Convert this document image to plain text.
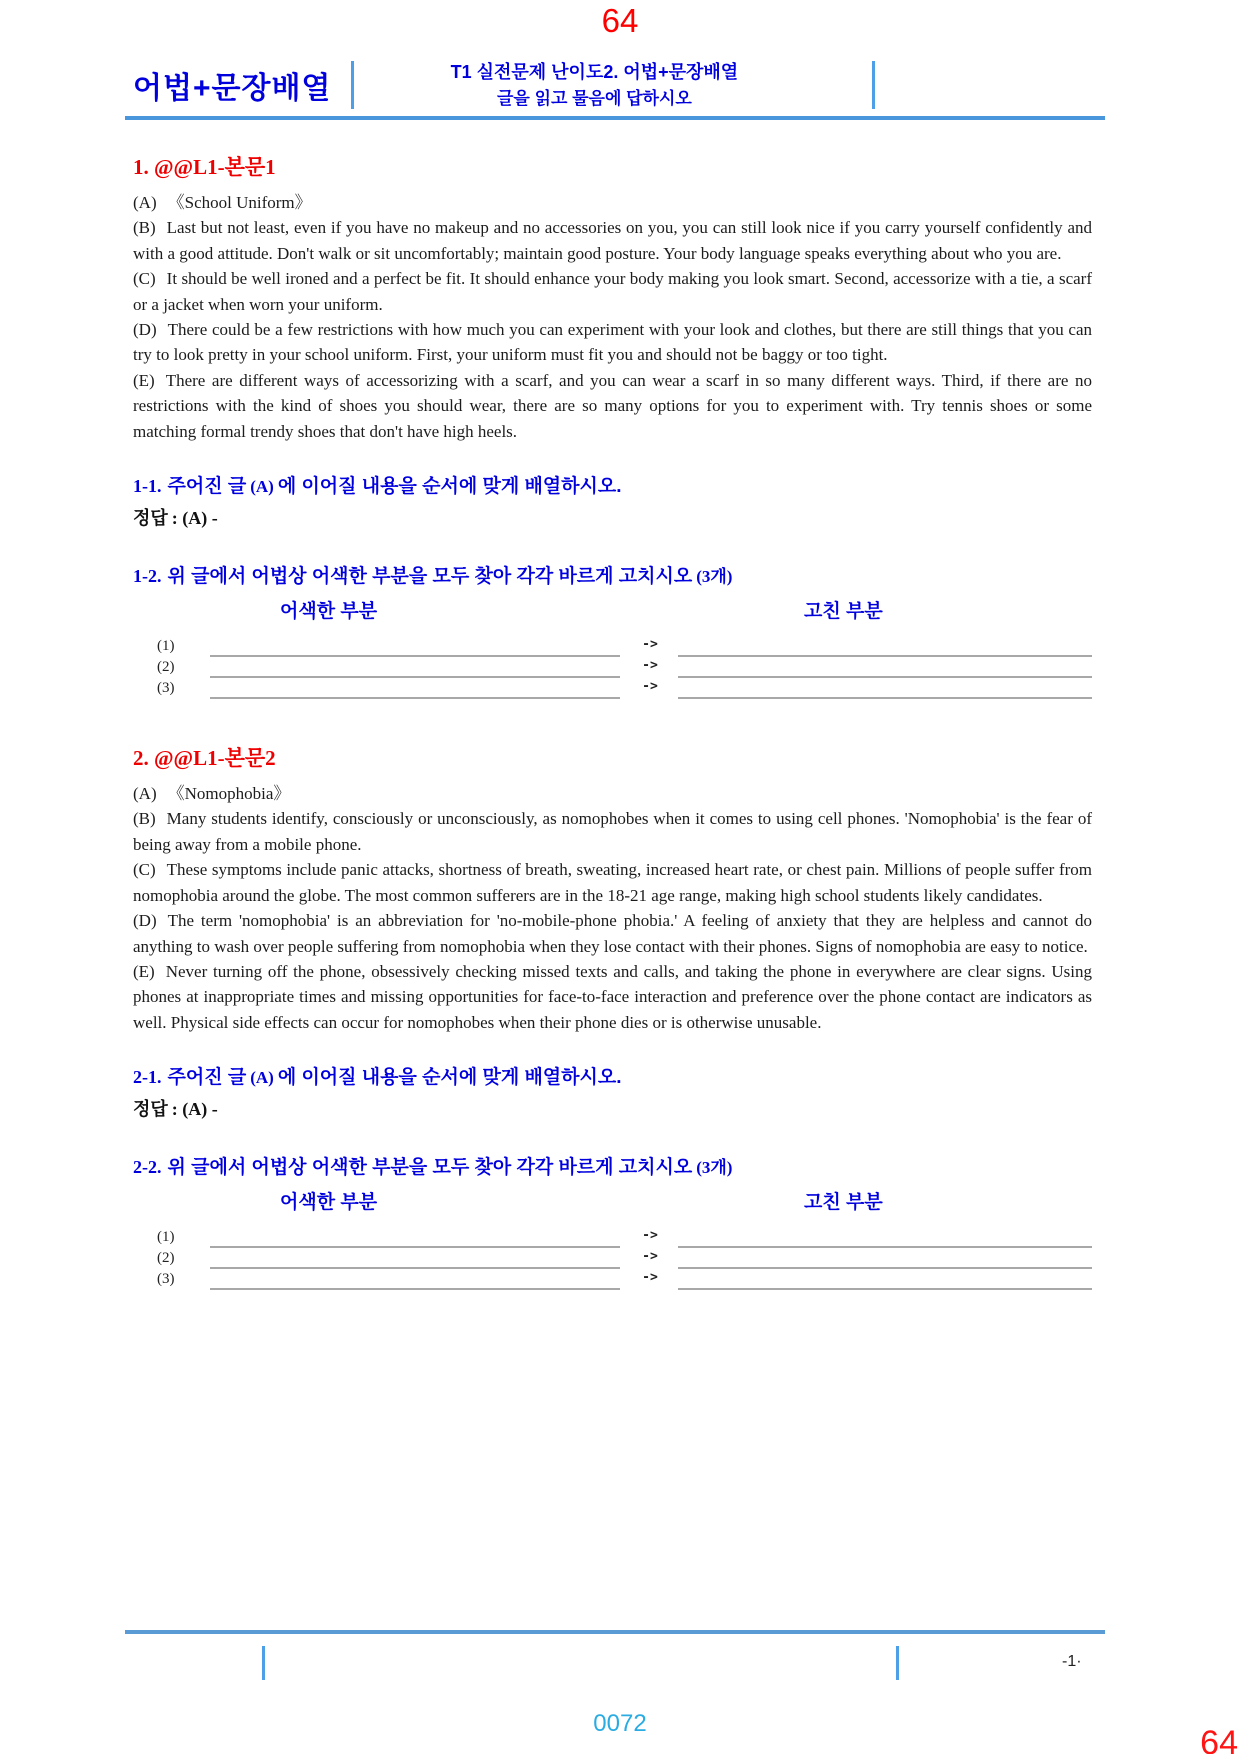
64
어법+문장배열	T1 실전문제 난이도2. 어법+문장배열
글을 읽고 물음에 답하시오
1. @@L1-본문1

(A) 《School Uniform》

(B) Last but not least, even if you have no makeup and no accessories on you, you can still look nice if you carry yourself confidently and with a good attitude. Don't walk or sit uncomfortably; maintain good posture. Your body language speaks everything about who you are.

(C) It should be well ironed and a perfect be fit. It should enhance your body making you look smart. Second, accessorize with a tie, a scarf or a jacket when worn your uniform.

(D) There could be a few restrictions with how much you can experiment with your look and clothes, but there are still things that you can try to look pretty in your school uniform. First, your uniform must fit you and should not be baggy or too tight.

(E) There are different ways of accessorizing with a scarf, and you can wear a scarf in so many different ways. Third, if there are no restrictions with the kind of shoes you should wear, there are so many options for you to experiment with. Try tennis shoes or some matching formal trendy shoes that don't have high heels.

1-1. 주어진 글 (A) 에 이어질 내용을 순서에 맞게 배열하시오.

정답 : (A) -

1-2. 위 글에서 어법상 어색한 부분을 모두 찾아 각각 바르게 고치시오 (3개)

어색한 부분	고친 부분
(1)	->
(2)	->
(3)	->
2. @@L1-본문2

(A) 《Nomophobia》

(B) Many students identify, consciously or unconsciously, as nomophobes when it comes to using cell phones. 'Nomophobia' is the fear of being away from a mobile phone.

(C) These symptoms include panic attacks, shortness of breath, sweating, increased heart rate, or chest pain. Millions of people suffer from nomophobia around the globe. The most common sufferers are in the 18-21 age range, making high school students likely candidates.

(D) The term 'nomophobia' is an abbreviation for 'no-mobile-phone phobia.' A feeling of anxiety that they are helpless and cannot do anything to wash over people suffering from nomophobia when they lose contact with their phones. Signs of nomophobia are easy to notice.

(E) Never turning off the phone, obsessively checking missed texts and calls, and taking the phone in everywhere are clear signs. Using phones at inappropriate times and missing opportunities for face-to-face interaction and preference over the phone contact are indicators as well. Physical side effects can occur for nomophobes when their phone dies or is otherwise unusable.

2-1. 주어진 글 (A) 에 이어질 내용을 순서에 맞게 배열하시오.

정답 : (A) -

2-2. 위 글에서 어법상 어색한 부분을 모두 찾아 각각 바르게 고치시오 (3개)

어색한 부분	고친 부분
(1)	->
(2)	->
(3)	->
-1·
0072
64
